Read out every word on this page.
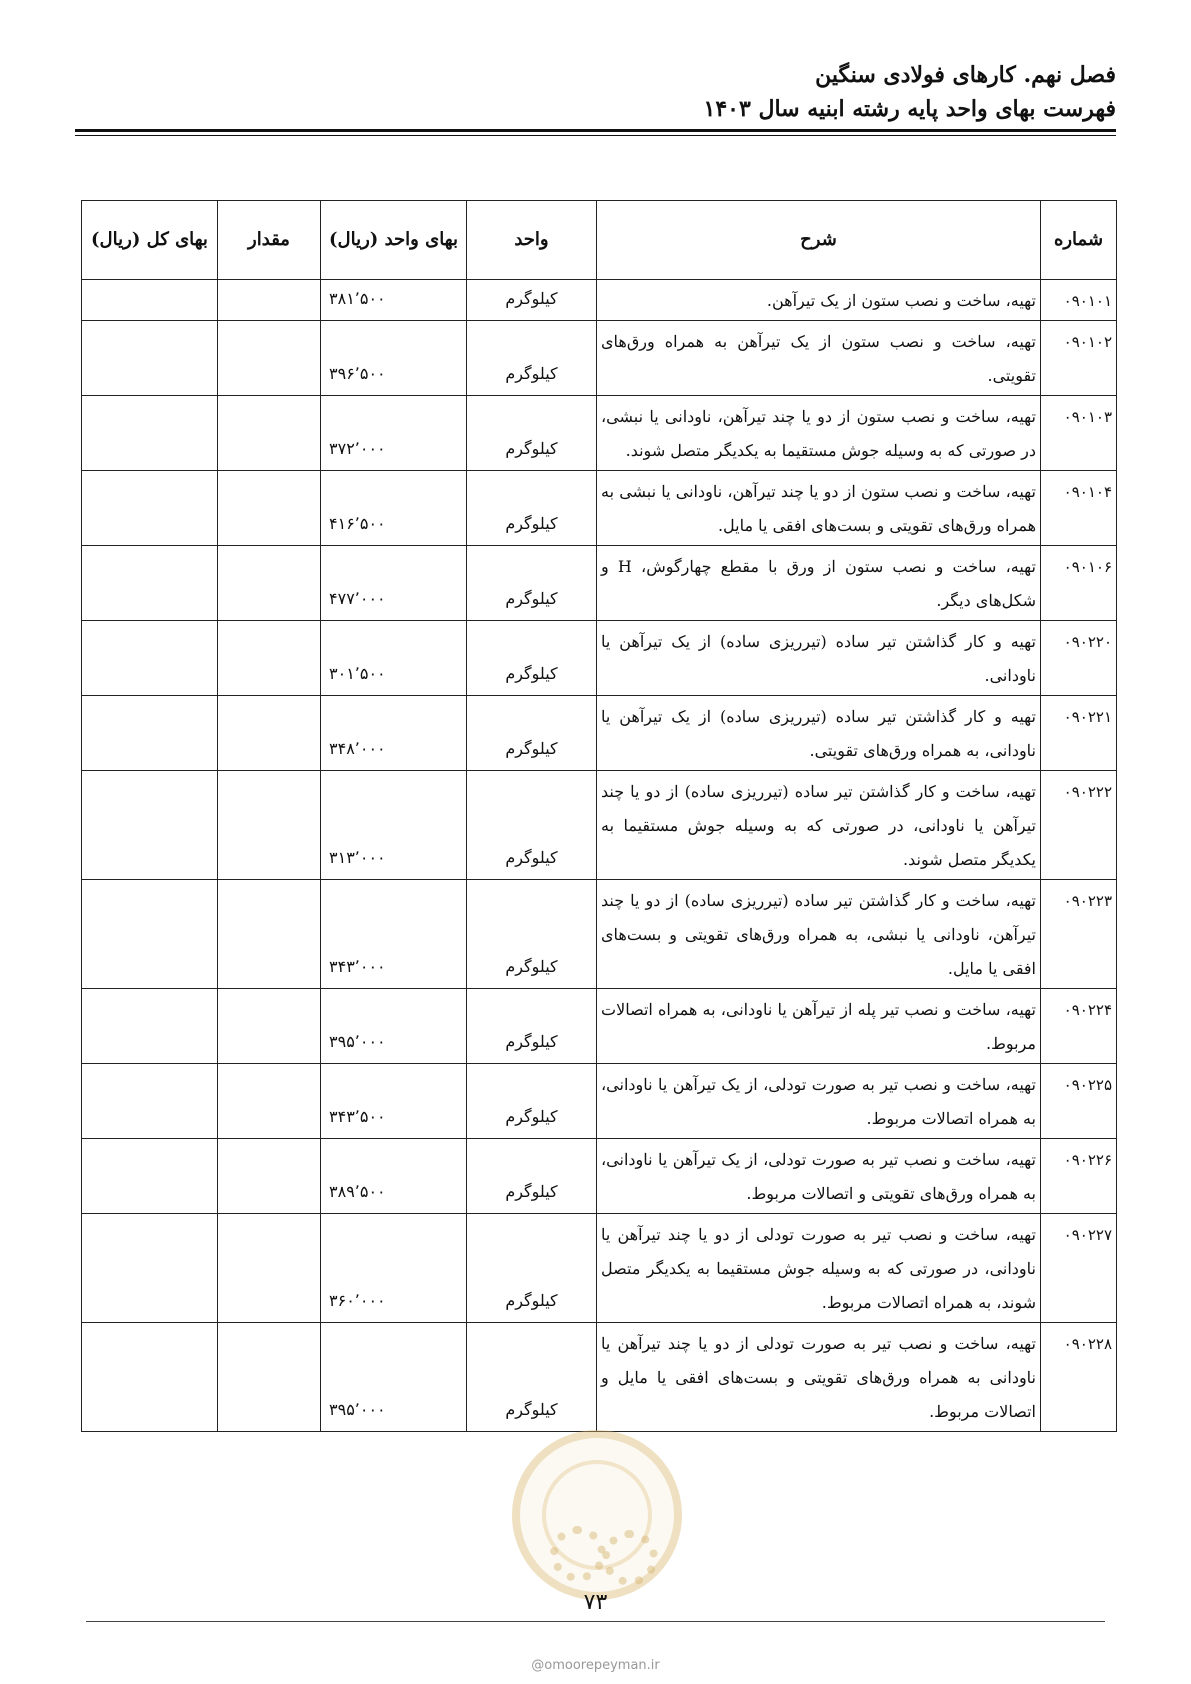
فصل نهم. کارهای فولادی سنگین
فهرست بهای واحد پایه رشته ابنیه سال ۱۴۰۳
شماره	شرح	واحد	بهای واحد (ریال)	مقدار	بهای کل (ریال)
۰۹۰۱۰۱	تهیه، ساخت و نصب ستون از یک تیرآهن.	کیلوگرم	۳۸۱٬۵۰۰		
۰۹۰۱۰۲	تهیه، ساخت و نصب ستون از یک تیرآهن به همراه ورق‌های تقویتی.	کیلوگرم	۳۹۶٬۵۰۰		
۰۹۰۱۰۳	تهیه، ساخت و نصب ستون از دو یا چند تیرآهن، ناودانی یا نبشی، در صورتی که به وسیله جوش مستقیما به یکدیگر متصل شوند.	کیلوگرم	۳۷۲٬۰۰۰		
۰۹۰۱۰۴	تهیه، ساخت و نصب ستون از دو یا چند تیرآهن، ناودانی یا نبشی به همراه ورق‌های تقویتی و بست‌های افقی یا مایل.	کیلوگرم	۴۱۶٬۵۰۰		
۰۹۰۱۰۶	تهیه، ساخت و نصب ستون از ورق با مقطع چهارگوش، H و شکل‌های دیگر.	کیلوگرم	۴۷۷٬۰۰۰		
۰۹۰۲۲۰	تهیه و کار گذاشتن تیر ساده (تیرریزی ساده) از یک تیرآهن یا ناودانی.	کیلوگرم	۳۰۱٬۵۰۰		
۰۹۰۲۲۱	تهیه و کار گذاشتن تیر ساده (تیرریزی ساده) از یک تیرآهن یا ناودانی، به همراه ورق‌های تقویتی.	کیلوگرم	۳۴۸٬۰۰۰		
۰۹۰۲۲۲	تهیه، ساخت و کار گذاشتن تیر ساده (تیرریزی ساده) از دو یا چند تیرآهن یا ناودانی، در صورتی که به وسیله جوش مستقیما به یکدیگر متصل شوند.	کیلوگرم	۳۱۳٬۰۰۰		
۰۹۰۲۲۳	تهیه، ساخت و کار گذاشتن تیر ساده (تیرریزی ساده) از دو یا چند تیرآهن، ناودانی یا نبشی، به همراه ورق‌های تقویتی و بست‌های افقی یا مایل.	کیلوگرم	۳۴۳٬۰۰۰		
۰۹۰۲۲۴	تهیه، ساخت و نصب تیر پله از تیرآهن یا ناودانی، به همراه اتصالات مربوط.	کیلوگرم	۳۹۵٬۰۰۰		
۰۹۰۲۲۵	تهیه، ساخت و نصب تیر به صورت تودلی، از یک تیرآهن یا ناودانی، به همراه اتصالات مربوط.	کیلوگرم	۳۴۳٬۵۰۰		
۰۹۰۲۲۶	تهیه، ساخت و نصب تیر به صورت تودلی، از یک تیرآهن یا ناودانی، به همراه ورق‌های تقویتی و اتصالات مربوط.	کیلوگرم	۳۸۹٬۵۰۰		
۰۹۰۲۲۷	تهیه، ساخت و نصب تیر به صورت تودلی از دو یا چند تیرآهن یا ناودانی، در صورتی که به وسیله جوش مستقیما به یکدیگر متصل شوند، به همراه اتصالات مربوط.	کیلوگرم	۳۶۰٬۰۰۰		
۰۹۰۲۲۸	تهیه، ساخت و نصب تیر به صورت تودلی از دو یا چند تیرآهن یا ناودانی به همراه ورق‌های تقویتی و بست‌های افقی یا مایل و اتصالات مربوط.	کیلوگرم	۳۹۵٬۰۰۰		
۷۳
@omoorepeyman.ir
